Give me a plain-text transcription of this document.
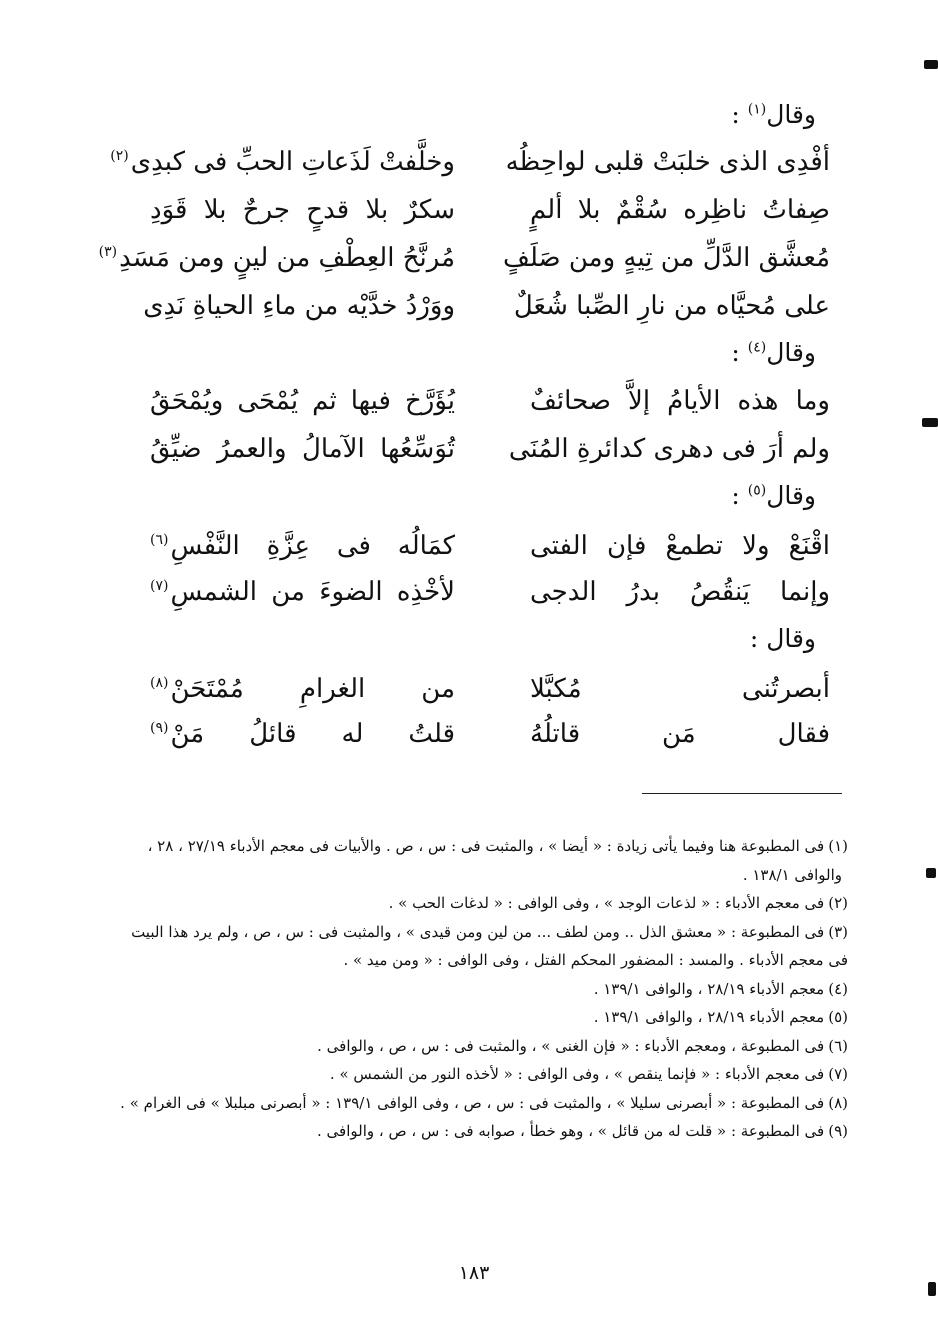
وقال$^{(١)}$ :
أفْدِى الذى خلبَتْ قلبى لواحِظُه
وخلَّفتْ لَذَعاتِ الحبِّ فى كبدِى$^{(٢)}$
صِفاتُ ناظِره سُقْمٌ بلا ألمٍ
سكرٌ بلا قدحٍ جرحٌ بلا قَوَدِ
مُعشَّق الدَّلِّ من تِيهٍ ومن صَلَفٍ
مُرنَّحُ العِطْفِ من لينٍ ومن مَسَدِ$^{(٣)}$
على مُحيَّاه من نارِ الصِّبا شُعَلٌ
ووَرْدُ خدَّيْه من ماءِ الحياةِ نَدِى
وقال$^{(٤)}$ :
وما هذه الأيامُ إلاَّ صحائفٌ
يُؤَرَّخ فيها ثم يُمْحَى ويُمْحَقُ
ولم أرَ فى دهرى كدائرةِ المُنَى
تُوَسِّعُها الآمالُ والعمرُ ضيِّقُ
وقال$^{(٥)}$ :
اقْنَعْ ولا تطمعْ فإن الفتى
كمَالُه فى عِزَّةِ النَّفْسِ$^{(٦)}$
وإنما يَنقُصُ بدرُ الدجى
لأخْذِه الضوءَ من الشمسِ$^{(٧)}$
وقال :
أبصرتُنى مُكبَّلا
من الغرامِ مُمْتَحَنْ$^{(٨)}$
فقال مَن قاتلُهُ
قلتُ له قائلُ مَنْ$^{(٩)}$
(١)فى المطبوعة هنا وفيما يأتى زيادة : « أيضا » ، والمثبت فى : س ، ص . والأبيات فى معجم الأدباء ٢٧/١٩ ، ٢٨ ،
والوافى ١٣٨/١ .
(٢)فى معجم الأدباء : « لذعات الوجد » ، وفى الوافى : « لدغات الحب » .
(٣)فى المطبوعة : « معشق الذل .. ومن لطف ... من لين ومن قيدى » ، والمثبت فى : س ، ص ، ولم يرد هذا البيت
فى معجم الأدباء . والمسد : المضفور المحكم الفتل ، وفى الوافى : « ومن ميد » .
(٤)معجم الأدباء ٢٨/١٩ ، والوافى ١٣٩/١ .
(٥)معجم الأدباء ٢٨/١٩ ، والوافى ١٣٩/١ .
(٦)فى المطبوعة ، ومعجم الأدباء : « فإن الغنى » ، والمثبت فى : س ، ص ، والوافى .
(٧)فى معجم الأدباء : « فإنما ينقص » ، وفى الوافى : « لأخذه النور من الشمس » .
(٨)فى المطبوعة : « أبصرنى سليلا » ، والمثبت فى : س ، ص ، وفى الوافى ١٣٩/١ : « أبصرنى مبلبلا » فى الغرام » .
(٩)فى المطبوعة : « قلت له من قائل » ، وهو خطأ ، صوابه فى : س ، ص ، والوافى .
١٨٣
